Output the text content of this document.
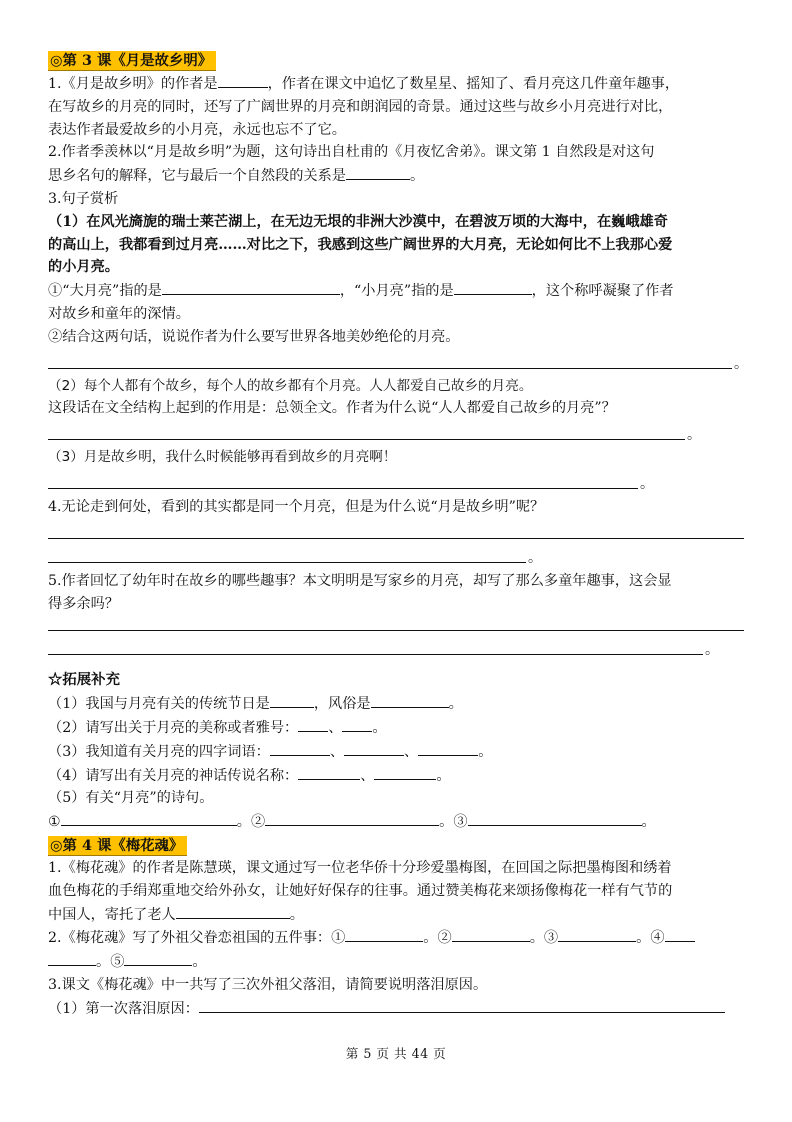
◎第 3 课《月是故乡明》

1.《月是故乡明》的作者是	，作者在课文中追忆了数星星、摇知了、看月亮这几件童年趣事，

在写故乡的月亮的同时，还写了广阔世界的月亮和朗润园的奇景。通过这些与故乡小月亮进行对比，

表达作者最爱故乡的小月亮，永远也忘不了它。

2.作者季羡林以“月是故乡明”为题，这句诗出自杜甫的《月夜忆舍弟》。课文第 1 自然段是对这句

思乡名句的解释，它与最后一个自然段的关系是	。

3.句子赏析

（1）在风光旖旎的瑞士莱芒湖上，在无边无垠的非洲大沙漠中，在碧波万顷的大海中，在巍峨雄奇

的高山上，我都看到过月亮……对比之下，我感到这些广阔世界的大月亮，无论如何比不上我那心爱

的小月亮。

①“大月亮”指的是	，“小月亮”指的是	，这个称呼凝聚了作者

对故乡和童年的深情。

②结合这两句话，说说作者为什么要写世界各地美妙绝伦的月亮。

。

（2）每个人都有个故乡，每个人的故乡都有个月亮。人人都爱自己故乡的月亮。

这段话在文全结构上起到的作用是：总领全文。作者为什么说“人人都爱自己故乡的月亮”？

。

（3）月是故乡明，我什么时候能够再看到故乡的月亮啊！

。

4.无论走到何处，看到的其实都是同一个月亮，但是为什么说“月是故乡明”呢？

。

5.作者回忆了幼年时在故乡的哪些趣事？本文明明是写家乡的月亮，却写了那么多童年趣事，这会显

得多余吗？

。

☆拓展补充

（1）我国与月亮有关的传统节日是	，风俗是	。

（2）请写出关于月亮的美称或者雅号： 、 。

（3）我知道有关月亮的四字词语：	、	、	。

（4）请写出有关月亮的神话传说名称：	、	。

（5）有关“月亮”的诗句。

①	。②	。③	。

◎第 4 课《梅花魂》

1.《梅花魂》的作者是陈慧瑛，课文通过写一位老华侨十分珍爱墨梅图，在回国之际把墨梅图和绣着

血色梅花的手绢郑重地交给外孙女，让她好好保存的往事。通过赞美梅花来颂扬像梅花一样有气节的

中国人，寄托了老人	。

2.《梅花魂》写了外祖父眷恋祖国的五件事：①	。②	。③	。④

。⑤	。

3.课文《梅花魂》中一共写了三次外祖父落泪，请简要说明落泪原因。

（1）第一次落泪原因：

第 5 页 共 44 页
